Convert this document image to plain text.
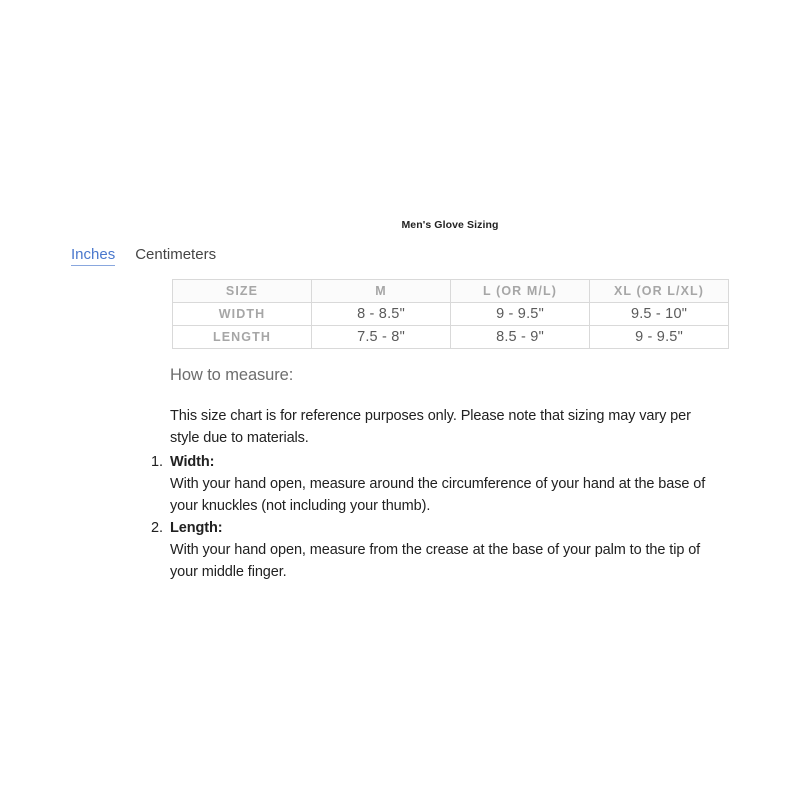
Men's Glove Sizing
Inches Centimeters
SIZE	M	L (OR M/L)	XL (OR L/XL)
WIDTH	8 - 8.5"	9 - 9.5"	9.5 - 10"
LENGTH	7.5 - 8"	8.5 - 9"	9 - 9.5"
How to measure:
This size chart is for reference purposes only. Please note that sizing may vary per
style due to materials.
1. Width:
With your hand open, measure around the circumference of your hand at the base of
your knuckles (not including your thumb).
2. Length:
With your hand open, measure from the crease at the base of your palm to the tip of
your middle finger.
